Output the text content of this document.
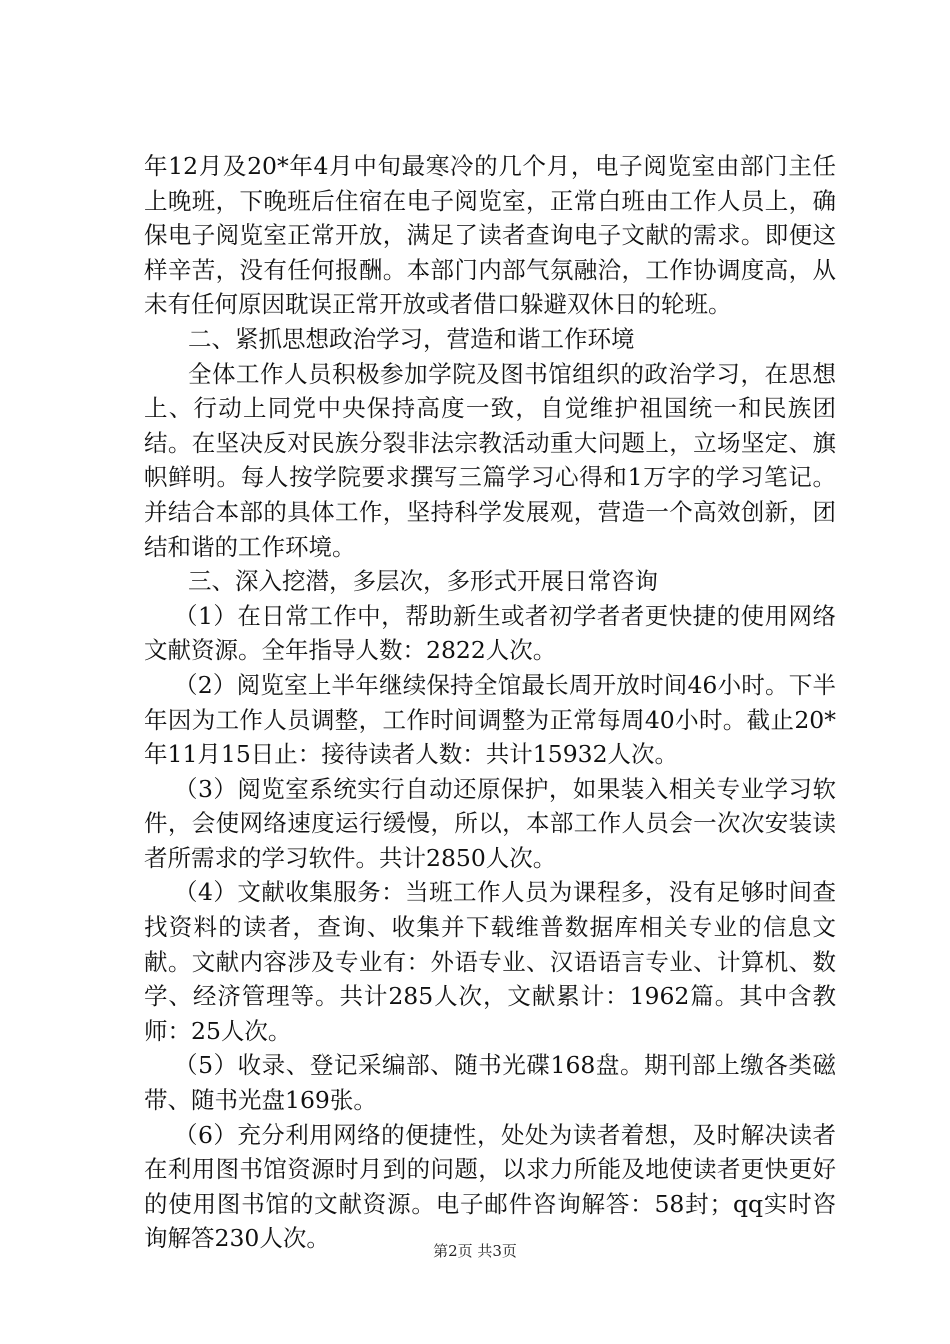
年12月及20*年4月中旬最寒冷的几个月，电子阅览室由部门主任上晚班，下晚班后住宿在电子阅览室，正常白班由工作人员上，确保电子阅览室正常开放，满足了读者查询电子文献的需求。即便这样辛苦，没有任何报酬。本部门内部气氛融洽，工作协调度高，从未有任何原因耽误正常开放或者借口躲避双休日的轮班。

二、紧抓思想政治学习，营造和谐工作环境

全体工作人员积极参加学院及图书馆组织的政治学习，在思想上、行动上同党中央保持高度一致，自觉维护祖国统一和民族团结。在坚决反对民族分裂非法宗教活动重大问题上，立场坚定、旗帜鲜明。每人按学院要求撰写三篇学习心得和1万字的学习笔记。并结合本部的具体工作，坚持科学发展观，营造一个高效创新，团结和谐的工作环境。

三、深入挖潜，多层次，多形式开展日常咨询

（1）在日常工作中，帮助新生或者初学者者更快捷的使用网络文献资源。全年指导人数：2822人次。

（2）阅览室上半年继续保持全馆最长周开放时间46小时。下半年因为工作人员调整，工作时间调整为正常每周40小时。截止20*年11月15日止：接待读者人数：共计15932人次。

（3）阅览室系统实行自动还原保护，如果装入相关专业学习软件，会使网络速度运行缓慢，所以，本部工作人员会一次次安装读者所需求的学习软件。共计2850人次。

（4）文献收集服务：当班工作人员为课程多，没有足够时间查找资料的读者，查询、收集并下载维普数据库相关专业的信息文献。文献内容涉及专业有：外语专业、汉语语言专业、计算机、数学、经济管理等。共计285人次，文献累计：1962篇。其中含教师：25人次。

（5）收录、登记采编部、随书光碟168盘。期刊部上缴各类磁带、随书光盘169张。

（6）充分利用网络的便捷性，处处为读者着想，及时解决读者在利用图书馆资源时月到的问题，以求力所能及地使读者更快更好的使用图书馆的文献资源。电子邮件咨询解答：58封；qq实时咨询解答230人次。	第2页 共3页
